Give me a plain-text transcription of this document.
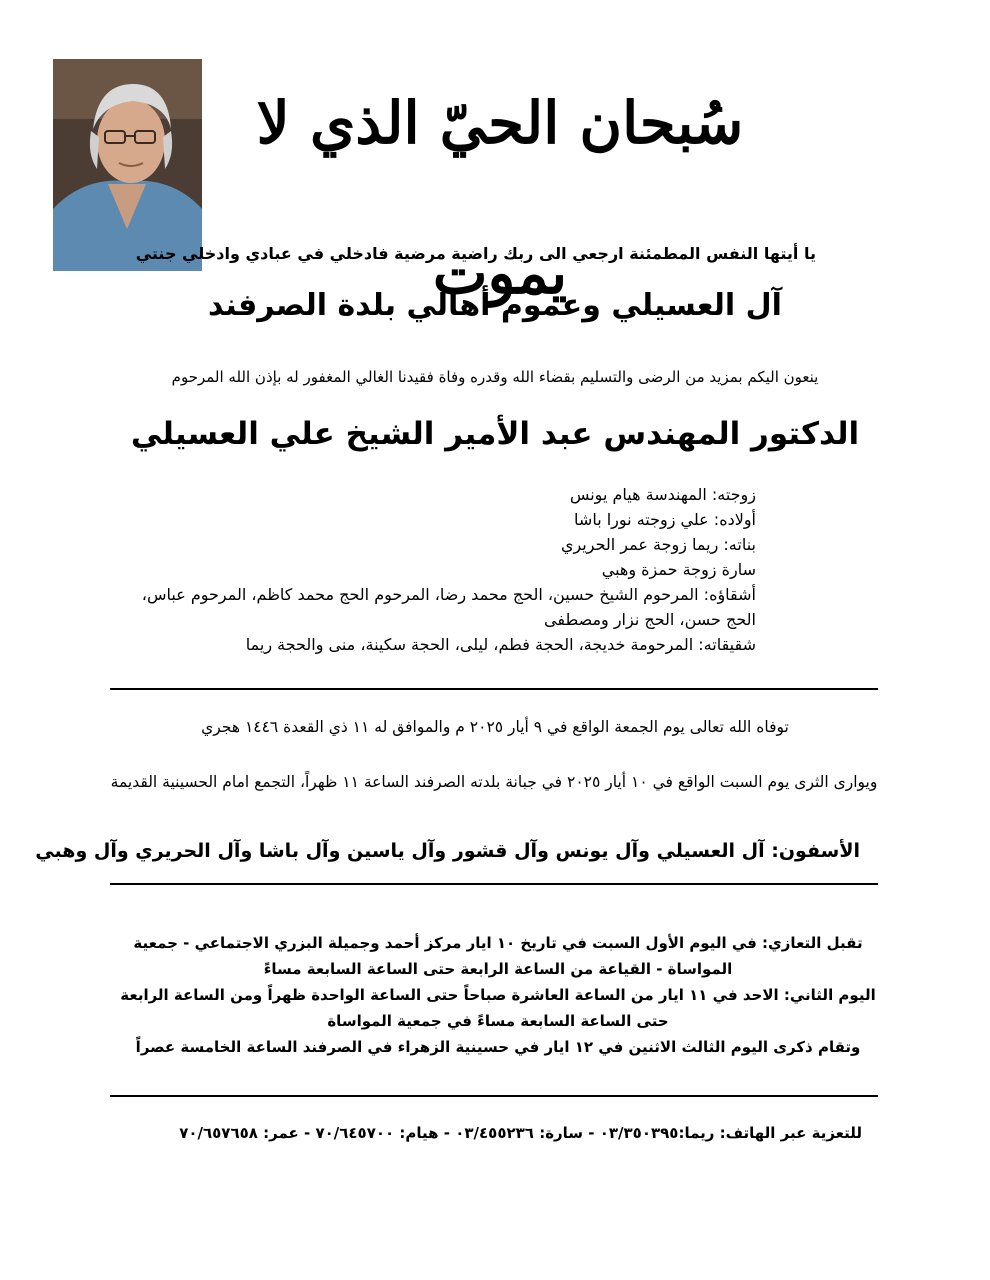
سُبحان الحيّ الذي لا يموت
يا أيتها النفس المطمئنة ارجعي الى ربك راضية مرضية فادخلي في عبادي وادخلي جنتي
آل العسيلي وعموم أهالي بلدة الصرفند
ينعون اليكم بمزيد من الرضى والتسليم بقضاء الله وقدره وفاة فقيدنا الغالي المغفور له بإذن الله المرحوم
الدكتور المهندس عبد الأمير الشيخ علي العسيلي
زوجته: المهندسة هيام يونس
أولاده: علي زوجته نورا باشا
بناته: ريما زوجة عمر الحريري
سارة زوجة حمزة وهبي
أشقاؤه: المرحوم الشيخ حسين، الحج محمد رضا، المرحوم الحج محمد كاظم، المرحوم عباس، الحج حسن، الحج نزار ومصطفى
شقيقاته: المرحومة خديجة، الحجة فطم، ليلى، الحجة سكينة، منى والحجة ريما
توفاه الله تعالى يوم الجمعة الواقع في ٩ أيار ٢٠٢٥ م والموافق له ١١ ذي القعدة ١٤٤٦ هجري
ويوارى الثرى يوم السبت الواقع في ١٠ أيار ٢٠٢٥ في جبانة بلدته الصرفند الساعة ١١ ظهراً، التجمع امام الحسينية القديمة
الأسفون: آل العسيلي وآل يونس وآل قشور وآل ياسين وآل باشا وآل الحريري وآل وهبي
تقبل التعازي: في اليوم الأول السبت في تاريخ ١٠ ايار مركز أحمد وجميلة البزري الاجتماعي - جمعية المواساة - القياعة من الساعة الرابعة حتى الساعة السابعة مساءً
اليوم الثاني: الاحد في ١١ ايار من الساعة العاشرة صباحاً حتى الساعة الواحدة ظهراً ومن الساعة الرابعة حتى الساعة السابعة مساءً في جمعية المواساة
وتقام ذكرى اليوم الثالث الاثنين في ١٢ ايار في حسينية الزهراء في الصرفند الساعة الخامسة عصراً
للتعزية عبر الهاتف: ريما:٠٣/٣٥٠٣٩٥ - سارة: ٠٣/٤٥٥٢٣٦ - هيام: ٧٠/٦٤٥٧٠٠ - عمر: ٧٠/٦٥٧٦٥٨
